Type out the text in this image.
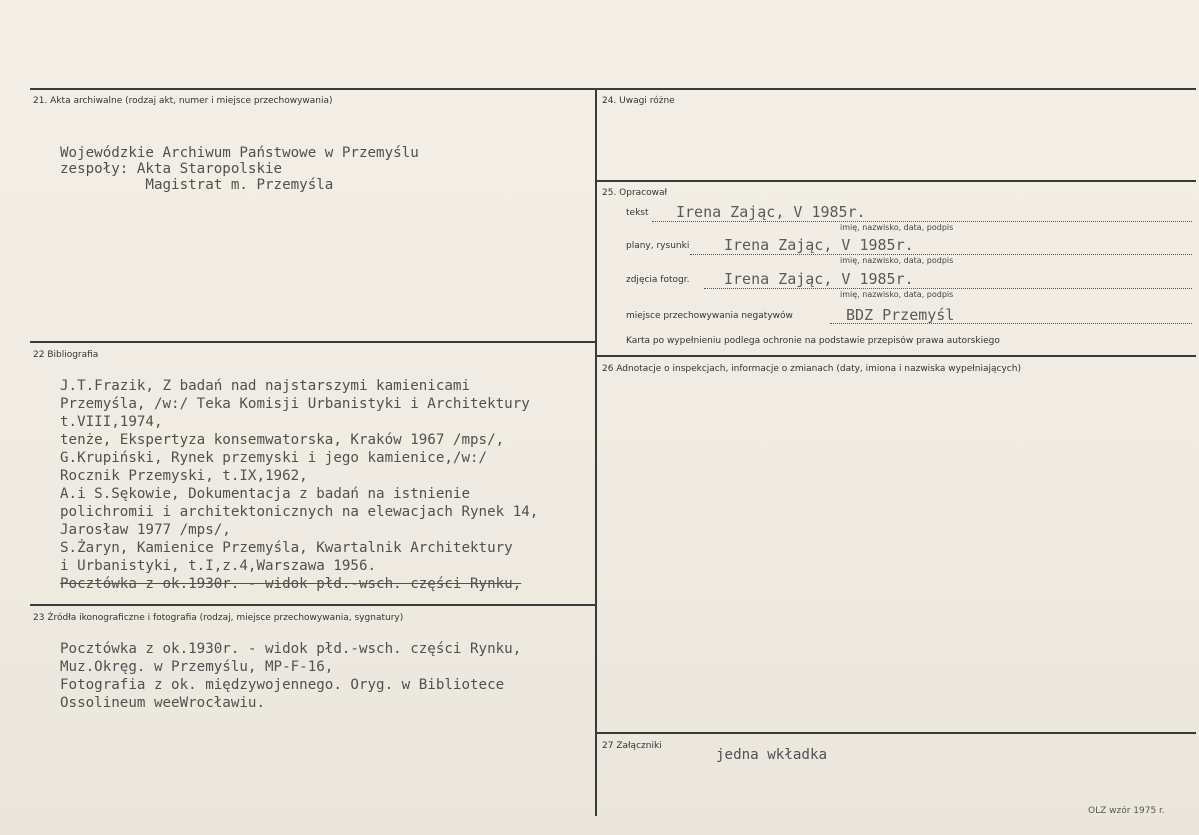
21. Akta archiwalne (rodzaj akt, numer i miejsce przechowywania)
Wojewódzkie Archiwum Państwowe w Przemyślu
zespoły: Akta Staropolskie
Magistrat m. Przemyśla
22 Bibliografia
J.T.Frazik, Z badań nad najstarszymi kamienicami
Przemyśla, /w:/ Teka Komisji Urbanistyki i Architektury
t.VIII,1974,
tenże, Ekspertyza konsemwatorska, Kraków 1967 /mps/,
G.Krupiński, Rynek przemyski i jego kamienice,/w:/
Rocznik Przemyski, t.IX,1962,
A.i S.Sękowie, Dokumentacja z badań na istnienie
polichromii i architektonicznych na elewacjach Rynek 14,
Jarosław 1977 /mps/,
S.Żaryn, Kamienice Przemyśla, Kwartalnik Architektury
i Urbanistyki, t.I,z.4,Warszawa 1956.
Pocztówka z ok.1930r. - widok płd.-wsch. części Rynku,
23 Źródła ikonograficzne i fotografia (rodzaj, miejsce przechowywania, sygnatury)
Pocztówka z ok.1930r. - widok płd.-wsch. części Rynku,
Muz.Okręg. w Przemyślu, MP-F-16,
Fotografia z ok. międzywojennego. Oryg. w Bibliotece
Ossolineum weeWrocławiu.
24. Uwagi różne
25. Opracował
tekst Irena Zając, V 1985r.
imię, nazwisko, data, podpis
plany, rysunki Irena Zając, V 1985r.
imię, nazwisko, data, podpis
zdjęcia fotogr. Irena Zając, V 1985r.
imię, nazwisko, data, podpis
miejsce przechowywania negatywów	BDZ Przemyśl
Karta po wypełnieniu podlega ochronie na podstawie przepisów prawa autorskiego
26 Adnotacje o inspekcjach, informacje o zmianach (daty, imiona i nazwiska wypełniających)
27 Załączniki
jedna wkładka
OLZ wzór 1975 r.
